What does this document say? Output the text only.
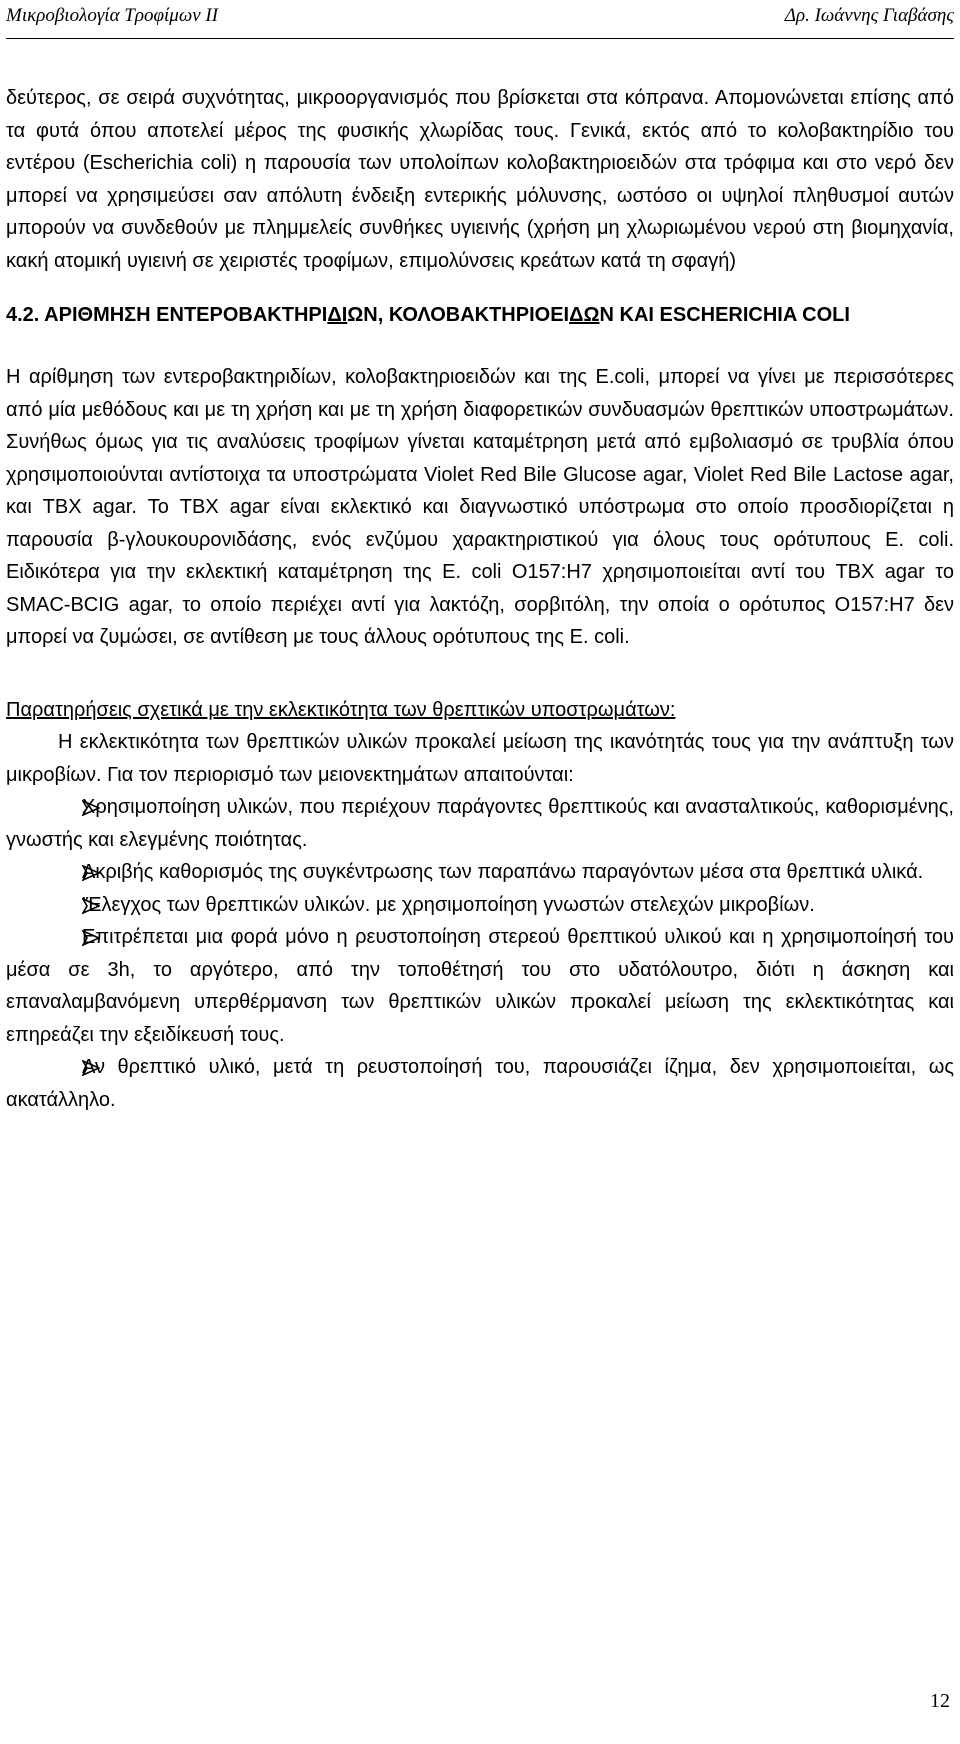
Μικροβιολογία Τροφίμων ΙΙ	Δρ. Ιωάννης Γιαβάσης

δεύτερος, σε σειρά συχνότητας, μικροοργανισμός που βρίσκεται στα κόπρανα. Απομονώνεται επίσης από τα φυτά όπου αποτελεί μέρος της φυσικής χλωρίδας τους. Γενικά, εκτός από το κολοβακτηρίδιο του εντέρου (Escherichia coli) η παρουσία των υπολοίπων κολοβακτηριοειδών στα τρόφιμα και στο νερό δεν μπορεί να χρησιμεύσει σαν απόλυτη ένδειξη εντερικής μόλυνσης, ωστόσο οι υψηλοί πληθυσμοί αυτών μπορούν να συνδεθούν με πλημμελείς συνθήκες υγιεινής (χρήση μη χλωριωμένου νερού στη βιομηχανία, κακή ατομική υγιεινή σε χειριστές τροφίμων, επιμολύνσεις κρεάτων κατά τη σφαγή)

4.2. ΑΡΙΘΜΗΣΗ ΕΝΤΕΡΟΒΑΚΤΗΡΙΔΙΩΝ, ΚΟΛΟΒΑΚΤΗΡΙΟΕΙΔΩΝ ΚΑΙ ESCHERICHIA COLI

Η αρίθμηση των εντεροβακτηριδίων, κολοβακτηριοειδών και της E.coli, μπορεί να γίνει με περισσότερες από μία μεθόδους και με τη χρήση και με τη χρήση διαφορετικών συνδυασμών θρεπτικών υποστρωμάτων. Συνήθως όμως για τις αναλύσεις τροφίμων γίνεται καταμέτρηση μετά από εμβολιασμό σε τρυβλία όπου χρησιμοποιούνται αντίστοιχα τα υποστρώματα Violet Red Bile Glucose agar, Violet Red Bile Lactose agar, και TBX agar. Το TBX agar είναι εκλεκτικό και διαγνωστικό υπόστρωμα στο οποίο προσδιορίζεται η παρουσία β-γλουκουρονιδάσης, ενός ενζύμου χαρακτηριστικού για όλους τους ορότυπους E. coli. Ειδικότερα για την εκλεκτική καταμέτρηση της E. coli O157:H7 χρησιμοποιείται αντί του TBX agar το SMAC-BCIG agar, το οποίο περιέχει αντί για λακτόζη, σορβιτόλη, την οποία ο ορότυπος O157:H7 δεν μπορεί να ζυμώσει, σε αντίθεση με τους άλλους ορότυπους της E. coli.

Παρατηρήσεις σχετικά με την εκλεκτικότητα των θρεπτικών υποστρωμάτων:

Η εκλεκτικότητα των θρεπτικών υλικών προκαλεί μείωση της ικανότητάς τους για την ανάπτυξη των μικροβίων. Για τον περιορισμό των μειονεκτημάτων απαιτούνται:

Χρησιμοποίηση υλικών, που περιέχουν παράγοντες θρεπτικούς και ανασταλτικούς, καθορισμένης, γνωστής και ελεγμένης ποιότητας.
Ακριβής καθορισμός της συγκέντρωσης των παραπάνω παραγόντων μέσα στα θρεπτικά υλικά.
'Έλεγχος των θρεπτικών υλικών. με χρησιμοποίηση γνωστών στελεχών μικροβίων.
Επιτρέπεται μια φορά μόνο η ρευστοποίηση στερεού θρεπτικού υλικού και η χρησιμοποίησή του μέσα σε 3h, το αργότερο, από την τοποθέτησή του στο υδατόλουτρο, διότι η άσκηση και επαναλαμβανόμενη υπερθέρμανση των θρεπτικών υλικών προκαλεί μείωση της εκλεκτικότητας και επηρεάζει την εξειδίκευσή τους.
Αν θρεπτικό υλικό, μετά τη ρευστοποίησή του, παρουσιάζει ίζημα, δεν χρησιμοποιείται, ως ακατάλληλο.
12
